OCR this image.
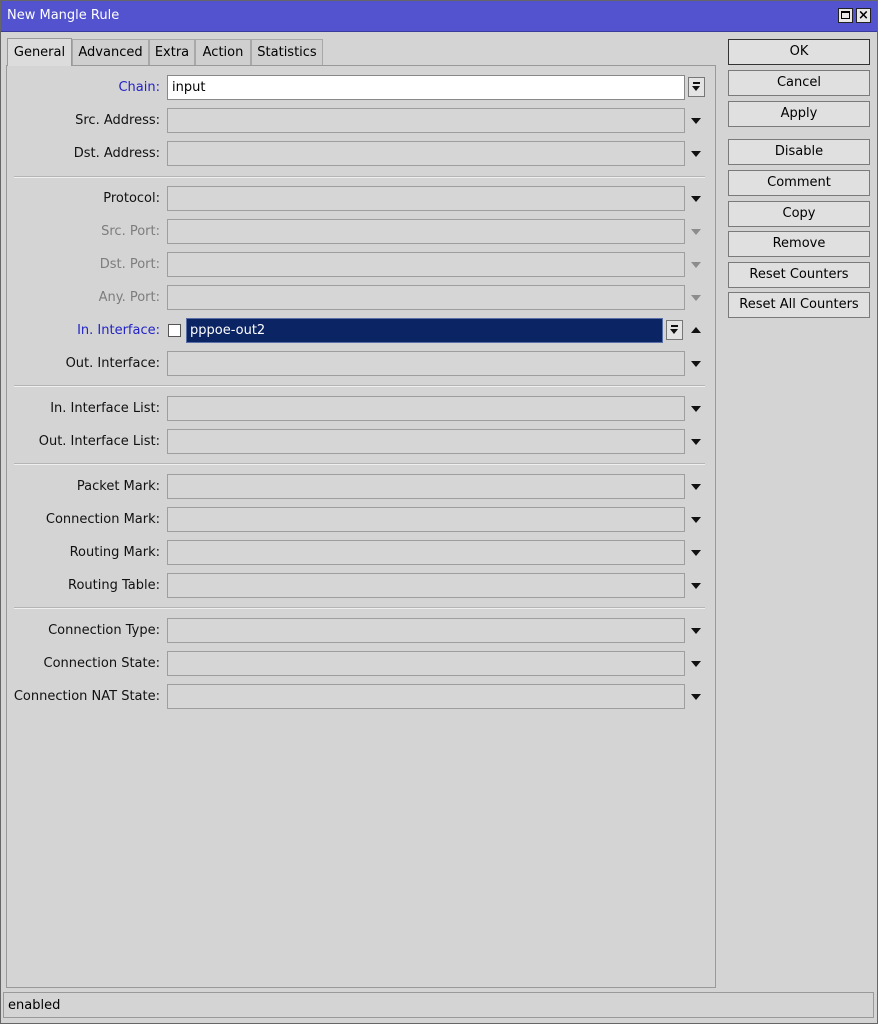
New Mangle Rule	×
General	Advanced Extra	Action	Statistics
Chain: input
Src. Address:
Dst. Address:
Protocol:
Src. Port:
Dst. Port:
Any. Port:
In. Interface: pppoe-out2
Out. Interface:
In. Interface List:
Out. Interface List:
Packet Mark:
Connection Mark:
Routing Mark:
Routing Table:
Connection Type:
Connection State:
Connection NAT State:
OK
Cancel
Apply
Disable
Comment
Copy
Remove
Reset Counters
Reset All Counters
enabled
